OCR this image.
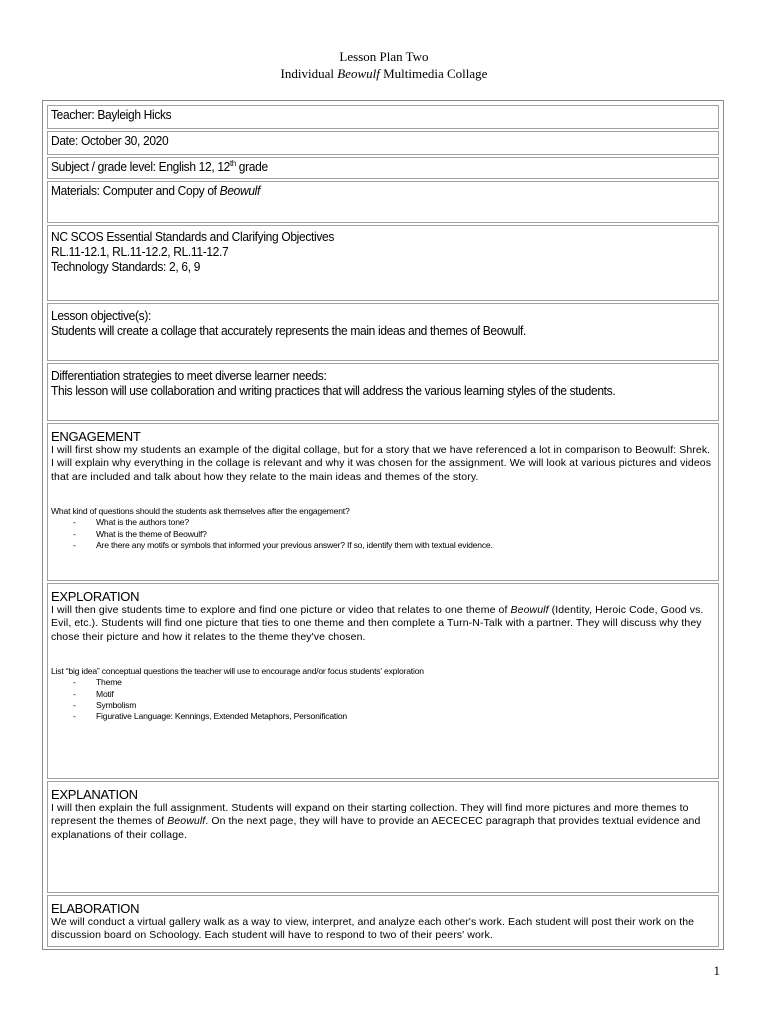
Lesson Plan Two
Individual Beowulf Multimedia Collage
Teacher: Bayleigh Hicks
Date: October 30, 2020
Subject / grade level: English 12, 12th grade
Materials: Computer and Copy of Beowulf
NC SCOS Essential Standards and Clarifying Objectives
RL.11-12.1, RL.11-12.2, RL.11-12.7
Technology Standards: 2, 6, 9
Lesson objective(s):
Students will create a collage that accurately represents the main ideas and themes of Beowulf.
Differentiation strategies to meet diverse learner needs:
This lesson will use collaboration and writing practices that will address the various learning styles of the students.
ENGAGEMENT
I will first show my students an example of the digital collage, but for a story that we have referenced a lot in comparison to Beowulf: Shrek. I will explain why everything in the collage is relevant and why it was chosen for the assignment. We will look at various pictures and videos that are included and talk about how they relate to the main ideas and themes of the story.
What kind of questions should the students ask themselves after the engagement?
- What is the authors tone?
- What is the theme of Beowulf?
- Are there any motifs or symbols that informed your previous answer? If so, identify them with textual evidence.
EXPLORATION
I will then give students time to explore and find one picture or video that relates to one theme of Beowulf (Identity, Heroic Code, Good vs. Evil, etc.). Students will find one picture that ties to one theme and then complete a Turn-N-Talk with a partner. They will discuss why they chose their picture and how it relates to the theme they've chosen.
List “big idea” conceptual questions the teacher will use to encourage and/or focus students' exploration
- Theme
- Motif
- Symbolism
- Figurative Language: Kennings, Extended Metaphors, Personification
EXPLANATION
I will then explain the full assignment. Students will expand on their starting collection. They will find more pictures and more themes to represent the themes of Beowulf. On the next page, they will have to provide an AECECEC paragraph that provides textual evidence and explanations of their collage.
ELABORATION
We will conduct a virtual gallery walk as a way to view, interpret, and analyze each other's work. Each student will post their work on the discussion board on Schoology. Each student will have to respond to two of their peers' work.
1
